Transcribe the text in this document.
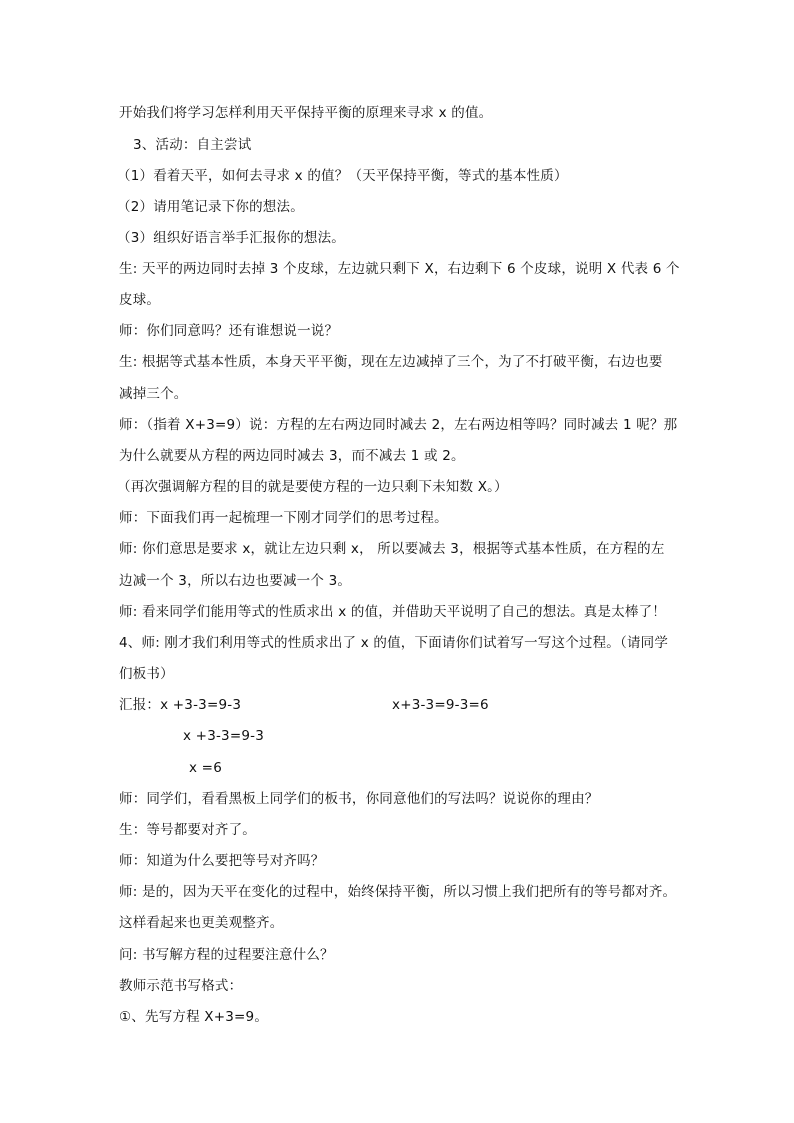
开始我们将学习怎样利用天平保持平衡的原理来寻求 x 的值。
3、活动：自主尝试
（1）看着天平，如何去寻求 x 的值？（天平保持平衡，等式的基本性质）
（2）请用笔记录下你的想法。
（3）组织好语言举手汇报你的想法。
生: 天平的两边同时去掉 3 个皮球，左边就只剩下 X，右边剩下 6 个皮球，说明 X 代表 6 个
皮球。
师：你们同意吗？还有谁想说一说？
生: 根据等式基本性质，本身天平平衡，现在左边减掉了三个，为了不打破平衡，右边也要
减掉三个。
师：（指着 X+3=9）说：方程的左右两边同时减去 2，左右两边相等吗？同时减去 1 呢？那
为什么就要从方程的两边同时减去 3，而不减去 1 或 2。
（再次强调解方程的目的就是要使方程的一边只剩下未知数 X。）
师：下面我们再一起梳理一下刚才同学们的思考过程。
师: 你们意思是要求 x，就让左边只剩 x， 所以要减去 3，根据等式基本性质，在方程的左
边减一个 3，所以右边也要减一个 3。
师: 看来同学们能用等式的性质求出 x 的值，并借助天平说明了自己的想法。真是太棒了！
4、师: 刚才我们利用等式的性质求出了 x 的值，下面请你们试着写一写这个过程。（请同学
们板书）
汇报：x +3-3=9-3	x+3-3=9-3=6
x +3-3=9-3
x =6
师：同学们，看看黑板上同学们的板书，你同意他们的写法吗？说说你的理由？
生：等号都要对齐了。
师：知道为什么要把等号对齐吗？
师: 是的，因为天平在变化的过程中，始终保持平衡，所以习惯上我们把所有的等号都对齐。
这样看起来也更美观整齐。
问: 书写解方程的过程要注意什么？
教师示范书写格式：
①、先写方程 X+3=9。
